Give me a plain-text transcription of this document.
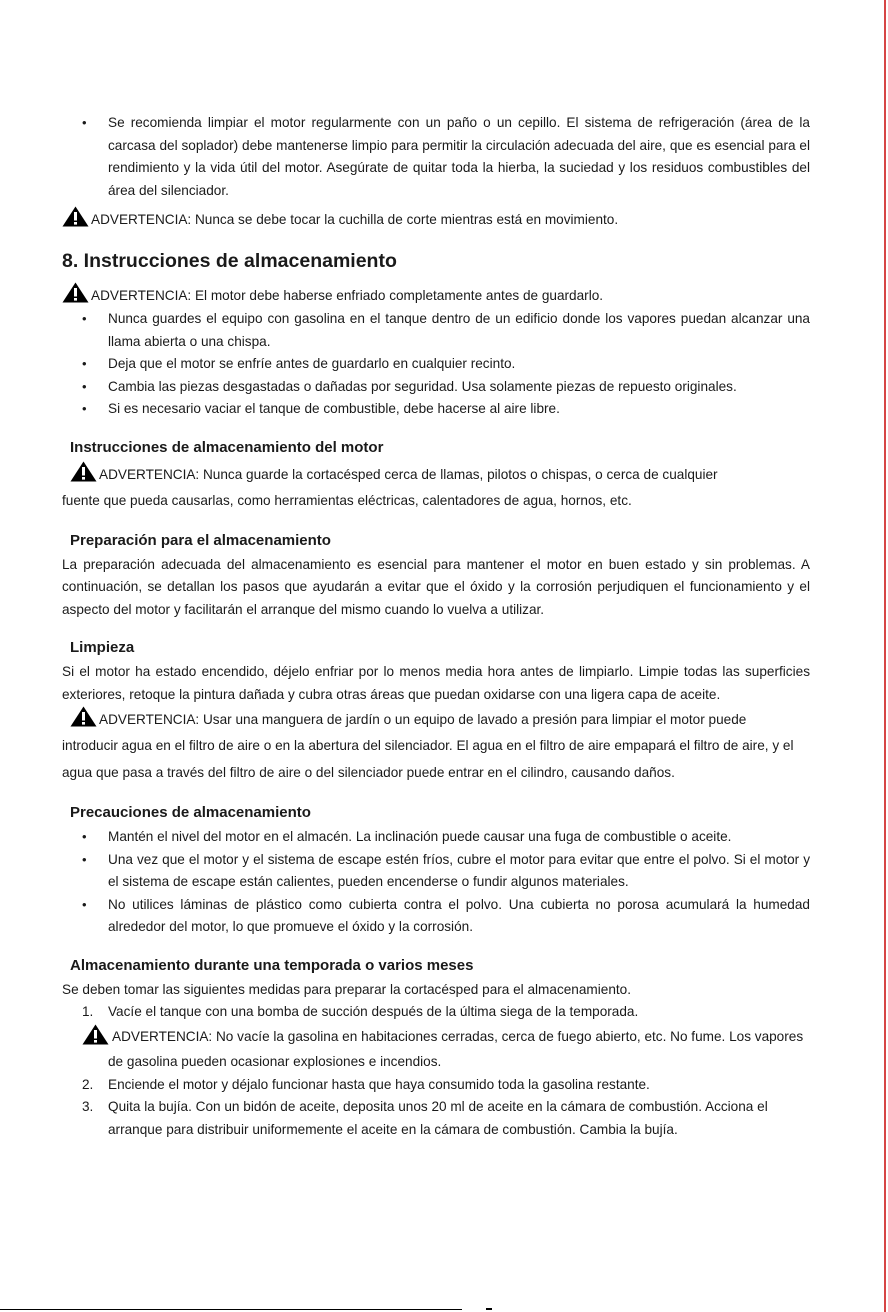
• Se recomienda limpiar el motor regularmente con un paño o un cepillo. El sistema de refrigeración (área de la carcasa del soplador) debe mantenerse limpio para permitir la circulación adecuada del aire, que es esencial para el rendimiento y la vida útil del motor. Asegúrate de quitar toda la hierba, la suciedad y los residuos combustibles del área del silenciador.

ADVERTENCIA: Nunca se debe tocar la cuchilla de corte mientras está en movimiento.

8. Instrucciones de almacenamiento

ADVERTENCIA: El motor debe haberse enfriado completamente antes de guardarlo.

• Nunca guardes el equipo con gasolina en el tanque dentro de un edificio donde los vapores puedan alcanzar una llama abierta o una chispa.
• Deja que el motor se enfríe antes de guardarlo en cualquier recinto.
• Cambia las piezas desgastadas o dañadas por seguridad. Usa solamente piezas de repuesto originales.
• Si es necesario vaciar el tanque de combustible, debe hacerse al aire libre.
Instrucciones de almacenamiento del motor

ADVERTENCIA: Nunca guarde la cortacésped cerca de llamas, pilotos o chispas, o cerca de cualquier

fuente que pueda causarlas, como herramientas eléctricas, calentadores de agua, hornos, etc.

Preparación para el almacenamiento

La preparación adecuada del almacenamiento es esencial para mantener el motor en buen estado y sin problemas. A continuación, se detallan los pasos que ayudarán a evitar que el óxido y la corrosión perjudiquen el funcionamiento y el aspecto del motor y facilitarán el arranque del mismo cuando lo vuelva a utilizar.

Limpieza

Si el motor ha estado encendido, déjelo enfriar por lo menos media hora antes de limpiarlo. Limpie todas las superficies exteriores, retoque la pintura dañada y cubra otras áreas que puedan oxidarse con una ligera capa de aceite.

ADVERTENCIA: Usar una manguera de jardín o un equipo de lavado a presión para limpiar el motor puede

introducir agua en el filtro de aire o en la abertura del silenciador. El agua en el filtro de aire empapará el filtro de aire, y el agua que pasa a través del filtro de aire o del silenciador puede entrar en el cilindro, causando daños.

Precauciones de almacenamiento
• Mantén el nivel del motor en el almacén. La inclinación puede causar una fuga de combustible o aceite.
• Una vez que el motor y el sistema de escape estén fríos, cubre el motor para evitar que entre el polvo. Si el motor y el sistema de escape están calientes, pueden encenderse o fundir algunos materiales.
• No utilices láminas de plástico como cubierta contra el polvo. Una cubierta no porosa acumulará la humedad alrededor del motor, lo que promueve el óxido y la corrosión.
Almacenamiento durante una temporada o varios meses

Se deben tomar las siguientes medidas para preparar la cortacésped para el almacenamiento.

1. Vacíe el tanque con una bomba de succión después de la última siega de la temporada.
ADVERTENCIA: No vacíe la gasolina en habitaciones cerradas, cerca de fuego abierto, etc. No fume. Los vapores de gasolina pueden ocasionar explosiones e incendios.
2. Enciende el motor y déjalo funcionar hasta que haya consumido toda la gasolina restante.
3. Quita la bujía. Con un bidón de aceite, deposita unos 20 ml de aceite en la cámara de combustión. Acciona el arranque para distribuir uniformemente el aceite en la cámara de combustión. Cambia la bujía.
